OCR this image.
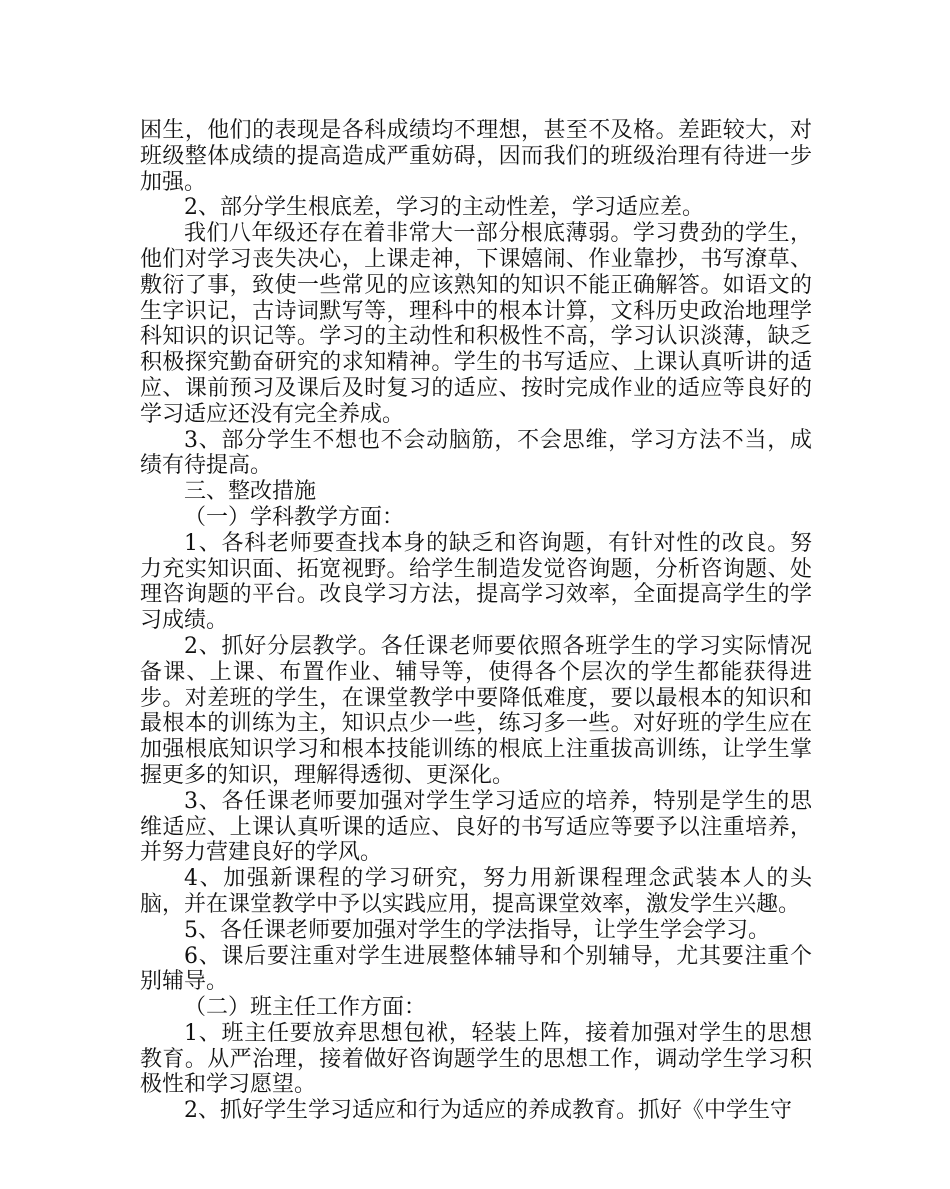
困生，他们的表现是各科成绩均不理想，甚至不及格。差距较大，对班级整体成绩的提高造成严重妨碍，因而我们的班级治理有待进一步加强。

2、部分学生根底差，学习的主动性差，学习适应差。

我们八年级还存在着非常大一部分根底薄弱。学习费劲的学生，他们对学习丧失决心，上课走神，下课嬉闹、作业靠抄，书写潦草、敷衍了事，致使一些常见的应该熟知的知识不能正确解答。如语文的生字识记，古诗词默写等，理科中的根本计算，文科历史政治地理学科知识的识记等。学习的主动性和积极性不高，学习认识淡薄，缺乏积极探究勤奋研究的求知精神。学生的书写适应、上课认真听讲的适应、课前预习及课后及时复习的适应、按时完成作业的适应等良好的学习适应还没有完全养成。

3、部分学生不想也不会动脑筋，不会思维，学习方法不当，成绩有待提高。

三、整改措施

（一）学科教学方面：

1、各科老师要查找本身的缺乏和咨询题，有针对性的改良。努力充实知识面、拓宽视野。给学生制造发觉咨询题，分析咨询题、处理咨询题的平台。改良学习方法，提高学习效率，全面提高学生的学习成绩。

2、抓好分层教学。各任课老师要依照各班学生的学习实际情况备课、上课、布置作业、辅导等，使得各个层次的学生都能获得进步。对差班的学生，在课堂教学中要降低难度，要以最根本的知识和最根本的训练为主，知识点少一些，练习多一些。对好班的学生应在加强根底知识学习和根本技能训练的根底上注重拔高训练，让学生掌握更多的知识，理解得透彻、更深化。

3、各任课老师要加强对学生学习适应的培养，特别是学生的思维适应、上课认真听课的适应、良好的书写适应等要予以注重培养，并努力营建良好的学风。

4、加强新课程的学习研究，努力用新课程理念武装本人的头脑，并在课堂教学中予以实践应用，提高课堂效率，激发学生兴趣。

5、各任课老师要加强对学生的学法指导，让学生学会学习。

6、课后要注重对学生进展整体辅导和个别辅导，尤其要注重个别辅导。

（二）班主任工作方面：

1、班主任要放弃思想包袱，轻装上阵，接着加强对学生的思想教育。从严治理，接着做好咨询题学生的思想工作，调动学生学习积极性和学习愿望。

2、抓好学生学习适应和行为适应的养成教育。抓好《中学生守
